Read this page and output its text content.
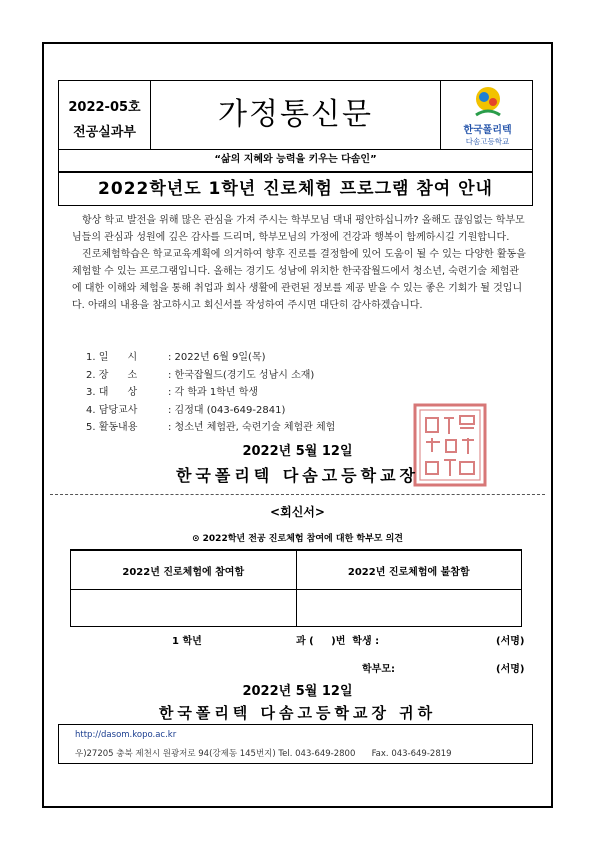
2022-05호
전공실과부
가정통신문	한국폴리텍
다솜고등학교
“삶의 지혜와 능력을 키우는 다솜인”
2022학년도 1학년 진로체험 프로그램 참여 안내

항상 학교 발전을 위해 많은 관심을 가져 주시는 학부모님 댁내 평안하십니까? 올해도 끊임없는 학부모님들의 관심과 성원에 깊은 감사를 드리며, 학부모님의 가정에 건강과 행복이 함께하시길 기원합니다.

진로체험학습은 학교교육계획에 의거하여 향후 진로를 결정함에 있어 도움이 될 수 있는 다양한 활동을 체험할 수 있는 프로그램입니다. 올해는 경기도 성남에 위치한 한국잡월드에서 청소년, 숙련기술 체험관에 대한 이해와 체험을 통해 취업과 회사 생활에 관련된 정보를 제공 받을 수 있는 좋은 기회가 될 것입니다. 아래의 내용을 참고하시고 회신서를 작성하여 주시면 대단히 감사하겠습니다.

1. 일      시	: 2022년 6월 9일(목)
2. 장      소	: 한국잡월드(경기도 성남시 소재)
3. 대      상	: 각 학과 1학년 학생
4. 담당교사	: 김정대 (043-649-2841)
5. 활동내용	: 청소년 체험관, 숙련기술 체험관 체험
2022년 5월 12일
한국폴리텍 다솜고등학교장
<회신서>
⊙ 2022학년 전공 진로체험 참여에 대한 학부모 의견
2022년 진로체험에 참여함	2022년 진로체험에 불참함

1 학년	과 (     )번  학생 :	(서명)
학부모:	(서명)
2022년 5월 12일
한국폴리텍 다솜고등학교장 귀하
http://dasom.kopo.ac.kr
우)27205 충북 제천시 원광저로 94(강제동 145번지) Tel. 043-649-2800      Fax. 043-649-2819
